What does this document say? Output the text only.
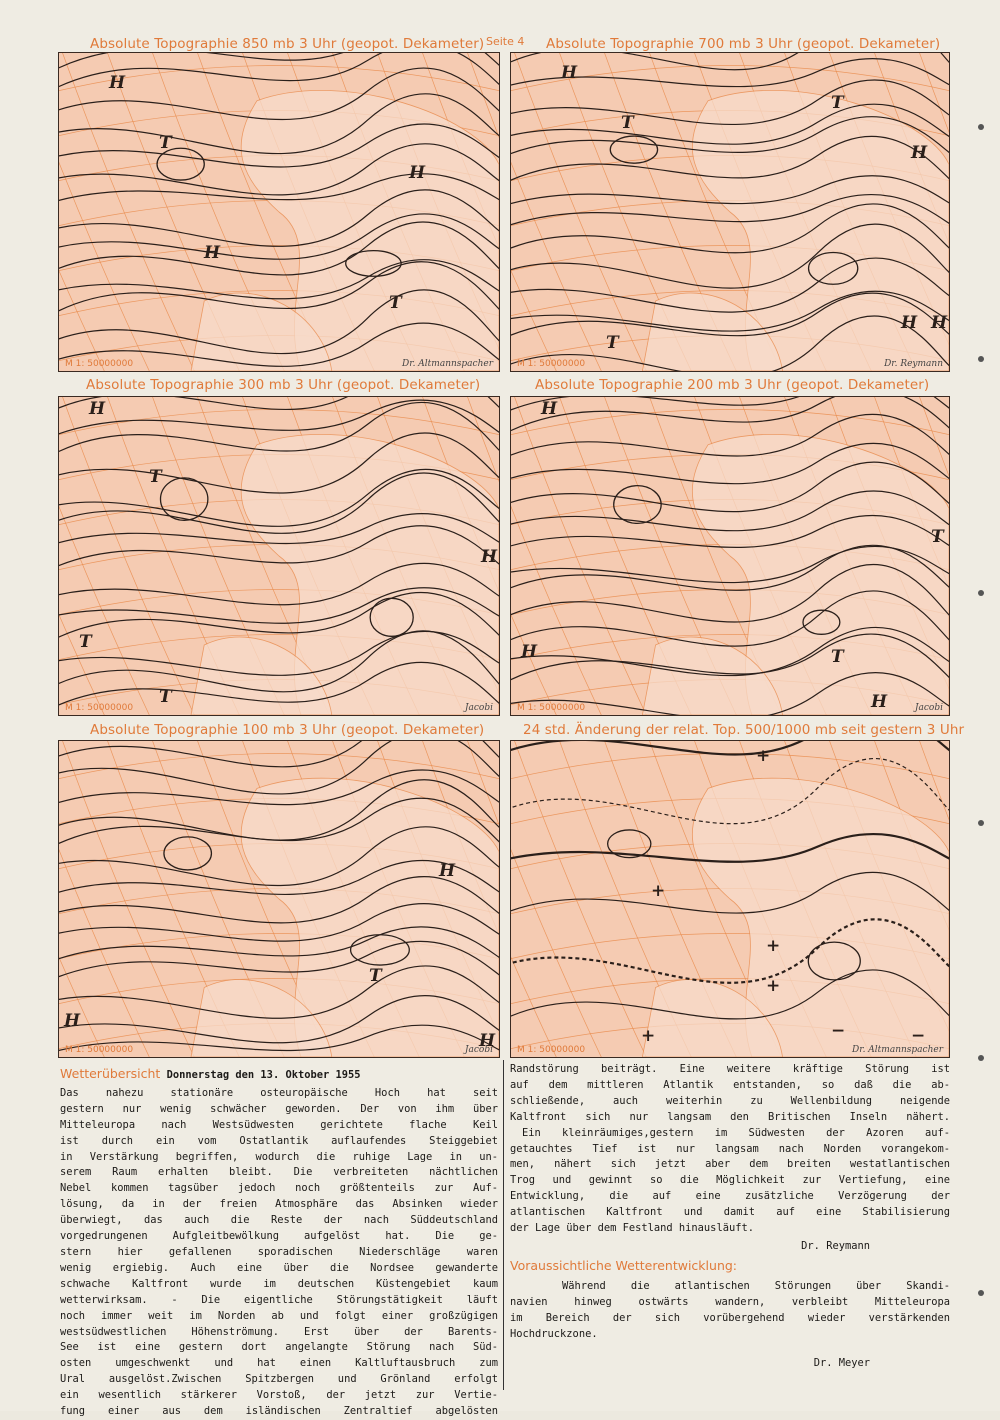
Seite 4
Absolute Topographie 850 mb 3 Uhr (geopot. Dekameter)	Absolute Topographie 700 mb 3 Uhr (geopot. Dekameter)
Absolute Topographie 300 mb 3 Uhr (geopot. Dekameter)	Absolute Topographie 200 mb 3 Uhr (geopot. Dekameter)
Absolute Topographie 100 mb 3 Uhr (geopot. Dekameter)	24 std. Änderung der relat. Top. 500/1000 mb seit gestern 3 Uhr
M 1: 50000000	Dr. Altmannspacher
H
H
H
T
T
M 1: 50000000	Dr. Reymann
H
H
T
T
T
H
H
M 1: 50000000	Jacobi
H
T
H
T
T
M 1: 50000000	Jacobi
H
T
H
H
T
M 1: 50000000	Jacobi
H
T
H
H M 1: 50000000	Dr. Altmannspacher
+
+
+
+
+	−	−
Wetterübersicht Donnerstag den 13. Oktober 1955
Das nahezu stationäre osteuropäische Hoch hat seit
gestern nur wenig schwächer geworden. Der von ihm über
Mitteleuropa nach Westsüdwesten gerichtete flache Keil
ist durch ein vom Ostatlantik auflaufendes Steiggebiet
in Verstärkung begriffen, wodurch die ruhige Lage in un-
serem Raum erhalten bleibt. Die verbreiteten nächtlichen
Nebel kommen tagsüber jedoch noch größtenteils zur Auf-
lösung, da in der freien Atmosphäre das Absinken wieder
überwiegt, das auch die Reste der nach Süddeutschland
vorgedrungenen Aufgleitbewölkung aufgelöst hat. Die ge-
stern hier gefallenen sporadischen Niederschläge waren
wenig ergiebig. Auch eine über die Nordsee gewanderte
schwache Kaltfront wurde im deutschen Küstengebiet kaum
wetterwirksam. - Die eigentliche Störungstätigkeit läuft
noch immer weit im Norden ab und folgt einer großzügigen
westsüdwestlichen Höhenströmung. Erst über der Barents-
See ist eine gestern dort angelangte Störung nach Süd-
osten umgeschwenkt und hat einen Kaltluftausbruch zum
Ural ausgelöst.Zwischen Spitzbergen und Grönland erfolgt
ein wesentlich stärkerer Vorstoß, der jetzt zur Vertie-
fung einer aus dem isländischen Zentraltief abgelösten
Randstörung beiträgt. Eine weitere kräftige Störung ist
auf dem mittleren Atlantik entstanden, so daß die ab-
schließende, auch weiterhin zu Wellenbildung neigende
Kaltfront sich nur langsam den Britischen Inseln nähert.
Ein kleinräumiges,gestern im Südwesten der Azoren auf-
getauchtes Tief ist nur langsam nach Norden vorangekom-
men, nähert sich jetzt aber dem breiten westatlantischen
Trog und gewinnt so die Möglichkeit zur Vertiefung, eine
Entwicklung, die auf eine zusätzliche Verzögerung der
atlantischen Kaltfront und damit auf eine Stabilisierung
der Lage über dem Festland hinausläuft.
Dr. Reymann
Voraussichtliche Wetterentwicklung:
Während die atlantischen Störungen über Skandi-
navien hinweg ostwärts wandern, verbleibt Mitteleuropa
im Bereich der sich vorübergehend wieder verstärkenden
Hochdruckzone.
Dr. Meyer
